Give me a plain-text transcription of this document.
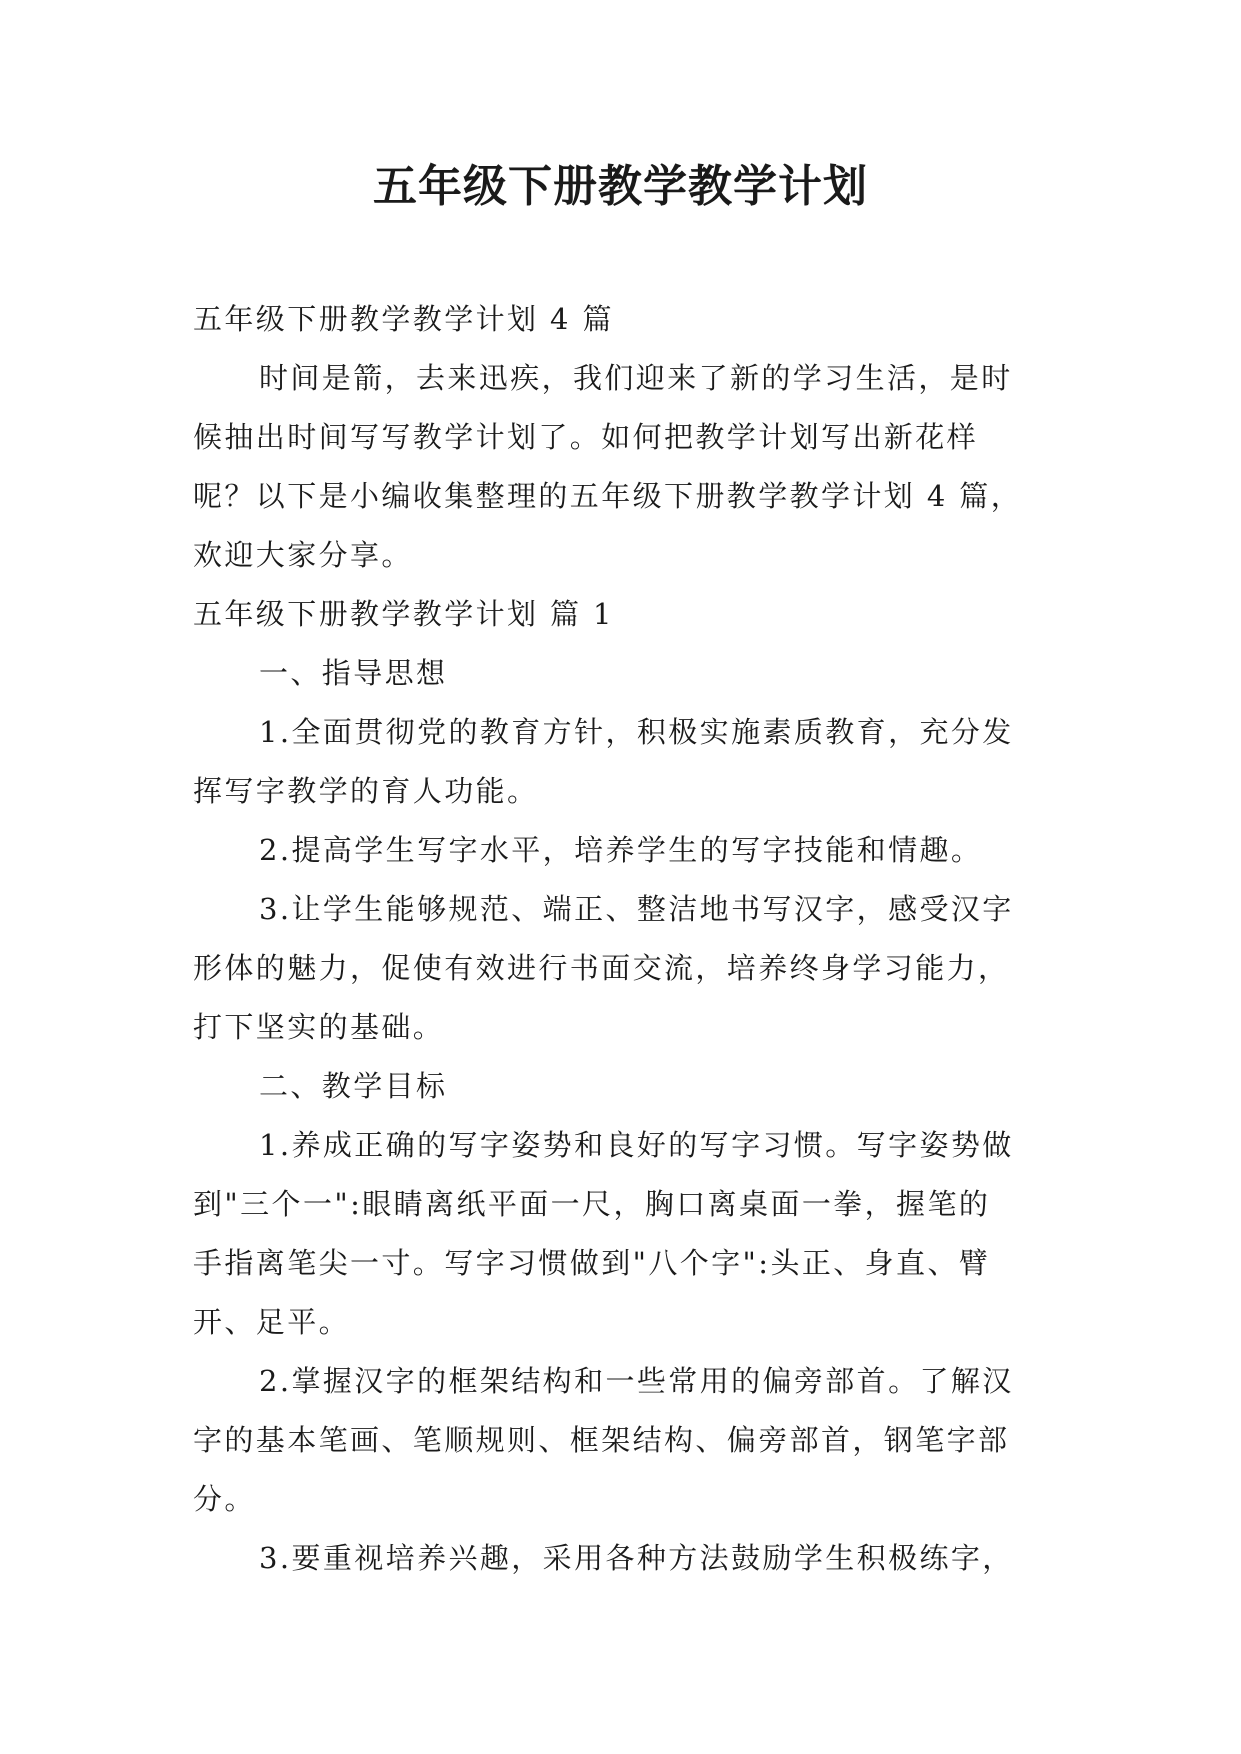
五年级下册教学教学计划
五年级下册教学教学计划 4 篇
时间是箭，去来迅疾，我们迎来了新的学习生活，是时
候抽出时间写写教学计划了。如何把教学计划写出新花样
呢？以下是小编收集整理的五年级下册教学教学计划 4 篇，
欢迎大家分享。
五年级下册教学教学计划 篇 1
一、指导思想
1.全面贯彻党的教育方针，积极实施素质教育，充分发
挥写字教学的育人功能。
2.提高学生写字水平，培养学生的写字技能和情趣。
3.让学生能够规范、端正、整洁地书写汉字，感受汉字
形体的魅力，促使有效进行书面交流，培养终身学习能力，
打下坚实的基础。
二、教学目标
1.养成正确的写字姿势和良好的写字习惯。写字姿势做
到"三个一":眼睛离纸平面一尺，胸口离桌面一拳，握笔的
手指离笔尖一寸。写字习惯做到"八个字":头正、身直、臂
开、足平。
2.掌握汉字的框架结构和一些常用的偏旁部首。了解汉
字的基本笔画、笔顺规则、框架结构、偏旁部首，钢笔字部
分。
3.要重视培养兴趣，采用各种方法鼓励学生积极练字，
